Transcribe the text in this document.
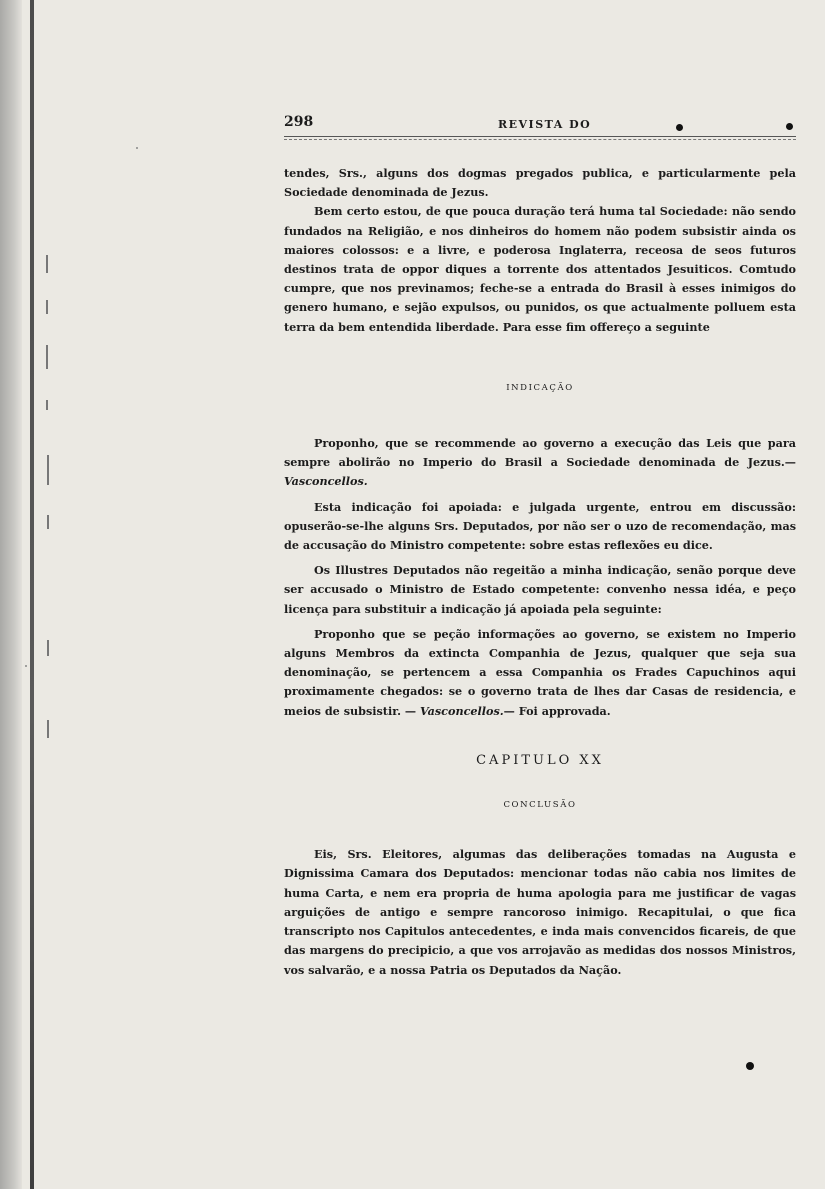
298	REVISTA DO

tendes, Srs., alguns dos dogmas pregados publica, e particularmente pela Sociedade denominada de Jezus.

Bem certo estou, de que pouca duração terá huma tal Sociedade: não sendo fundados na Religião, e nos dinheiros do homem não podem subsistir ainda os maiores colossos: e a livre, e poderosa Inglaterra, receosa de seos futuros destinos trata de oppor diques a torrente dos attentados Jesuiticos. Comtudo cumpre, que nos previnamos; feche-se a entrada do Brasil à esses inimigos do genero humano, e sejão expulsos, ou punidos, os que actualmente polluem esta terra da bem entendida liberdade. Para esse fim offereço a seguinte

INDICAÇÃO

Proponho, que se recommende ao governo a execução das Leis que para sempre abolirão no Imperio do Brasil a Sociedade denominada de Jezus.— Vasconcellos.

Esta indicação foi apoiada: e julgada urgente, entrou em discussão: opuserão-se-lhe alguns Srs. Deputados, por não ser o uzo de recomendação, mas de accusação do Ministro competente: sobre estas reflexões eu dice.

Os Illustres Deputados não regeitão a minha indicação, senão porque deve ser accusado o Ministro de Estado competente: convenho nessa idéa, e peço licença para substituir a indicação já apoiada pela seguinte:

Proponho que se peção informações ao governo, se existem no Imperio alguns Membros da extincta Companhia de Jezus, qualquer que seja sua denominação, se pertencem a essa Companhia os Frades Capuchinos aqui proximamente chegados: se o governo trata de lhes dar Casas de residencia, e meios de subsistir. — Vasconcellos.— Foi approvada.

CAPITULO XX

CONCLUSÃO

Eis, Srs. Eleitores, algumas das deliberações tomadas na Augusta e Dignissima Camara dos Deputados: mencionar todas não cabia nos limites de huma Carta, e nem era propria de huma apologia para me justificar de vagas arguições de antigo e sempre rancoroso inimigo. Recapitulai, o que fica transcripto nos Capitulos antecedentes, e inda mais convencidos ficareis, de que das margens do precipicio, a que vos arrojavão as medidas dos nossos Ministros, vos salvarão, e a nossa Patria os Deputados da Nação.
